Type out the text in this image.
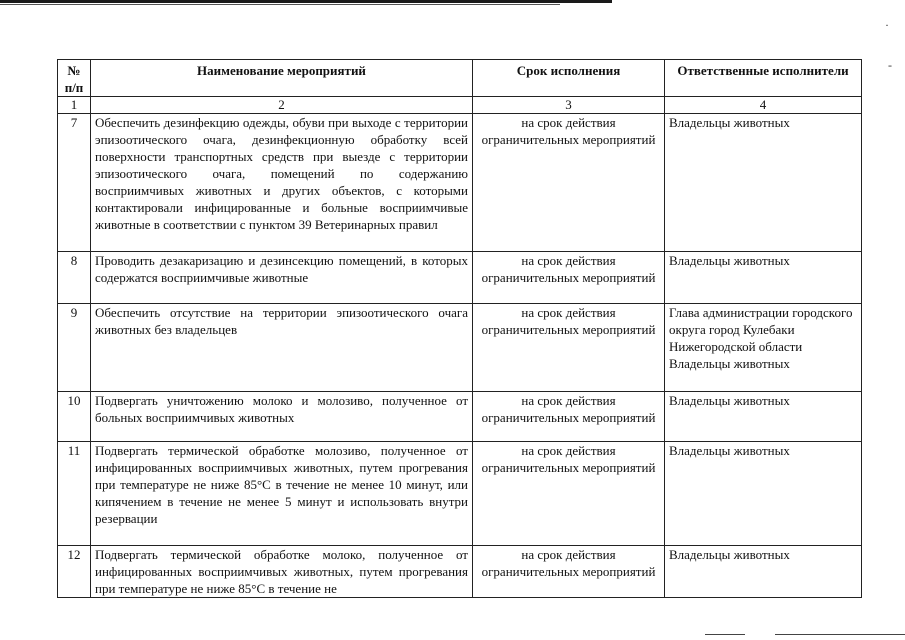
·
-
№ п/п	Наименование мероприятий	Срок исполнения	Ответственные исполнители
1	2	3	4
7	Обеспечить дезинфекцию одежды, обуви при выходе с территории эпизоотического очага, дезинфекционную обработку всей поверхности транспортных средств при выезде с территории эпизоотического очага, помещений по содержанию восприимчивых животных и других объектов, с которыми контактировали инфицированные и больные восприимчивые животные в соответствии с пунктом 39 Ветеринарных правил	на срок действия ограничительных мероприятий	Владельцы животных
8	Проводить дезакаризацию и дезинсекцию помещений, в которых содержатся восприимчивые животные	на срок действия ограничительных мероприятий	Владельцы животных
9	Обеспечить отсутствие на территории эпизоотического очага животных без владельцев	на срок действия ограничительных мероприятий	Глава администрации городского округа город Кулебаки Нижегородской области Владельцы животных
10	Подвергать уничтожению молоко и молозиво, полученное от больных восприимчивых животных	на срок действия ограничительных мероприятий	Владельцы животных
11	Подвергать термической обработке молозиво, полученное от инфицированных восприимчивых животных, путем прогревания при температуре не ниже 85°С в течение не менее 10 минут, или кипячением в течение не менее 5 минут и использовать внутри резервации	на срок действия ограничительных мероприятий	Владельцы животных
12	Подвергать термической обработке молоко, полученное от инфицированных восприимчивых животных, путем прогревания при температуре не ниже 85°С в течение не	на срок действия ограничительных мероприятий	Владельцы животных
